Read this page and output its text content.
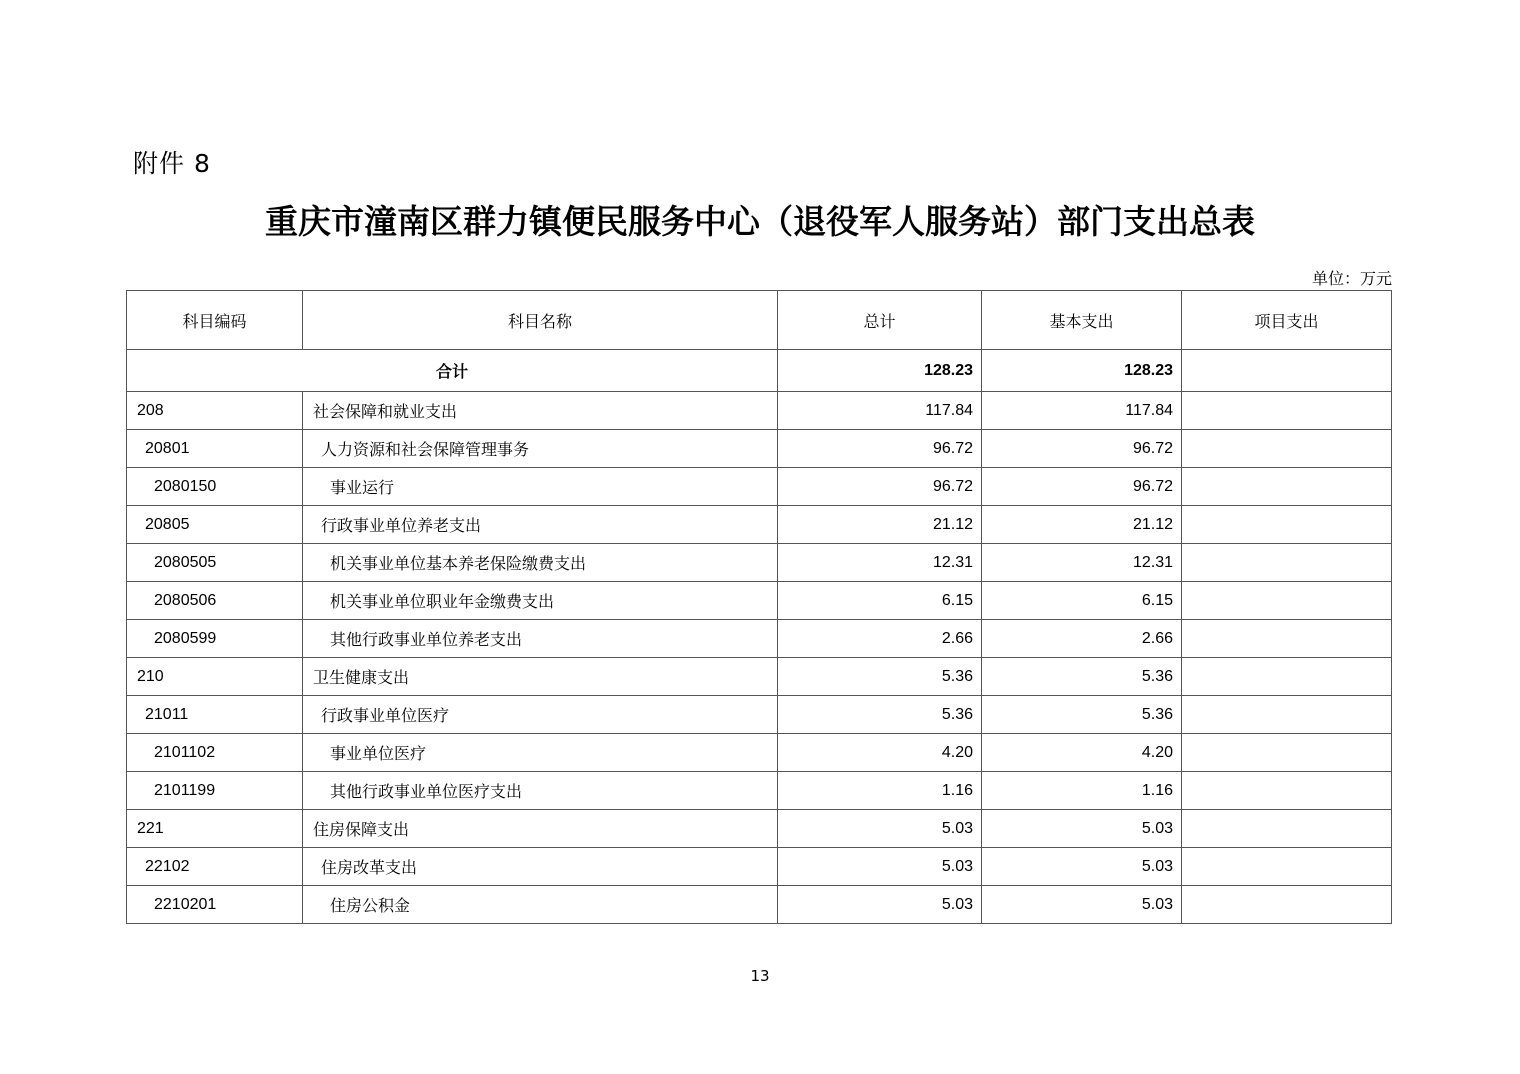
附件 8
重庆市潼南区群力镇便民服务中心（退役军人服务站）部门支出总表
单位：万元
科目编码	科目名称	总计	基本支出	项目支出
合计		128.23	128.23	
208	社会保障和就业支出	117.84	117.84	
20801	人力资源和社会保障管理事务	96.72	96.72	
2080150	事业运行	96.72	96.72	
20805	行政事业单位养老支出	21.12	21.12	
2080505	机关事业单位基本养老保险缴费支出	12.31	12.31	
2080506	机关事业单位职业年金缴费支出	6.15	6.15	
2080599	其他行政事业单位养老支出	2.66	2.66	
210	卫生健康支出	5.36	5.36	
21011	行政事业单位医疗	5.36	5.36	
2101102	事业单位医疗	4.20	4.20	
2101199	其他行政事业单位医疗支出	1.16	1.16	
221	住房保障支出	5.03	5.03	
22102	住房改革支出	5.03	5.03	
2210201	住房公积金	5.03	5.03	
13
